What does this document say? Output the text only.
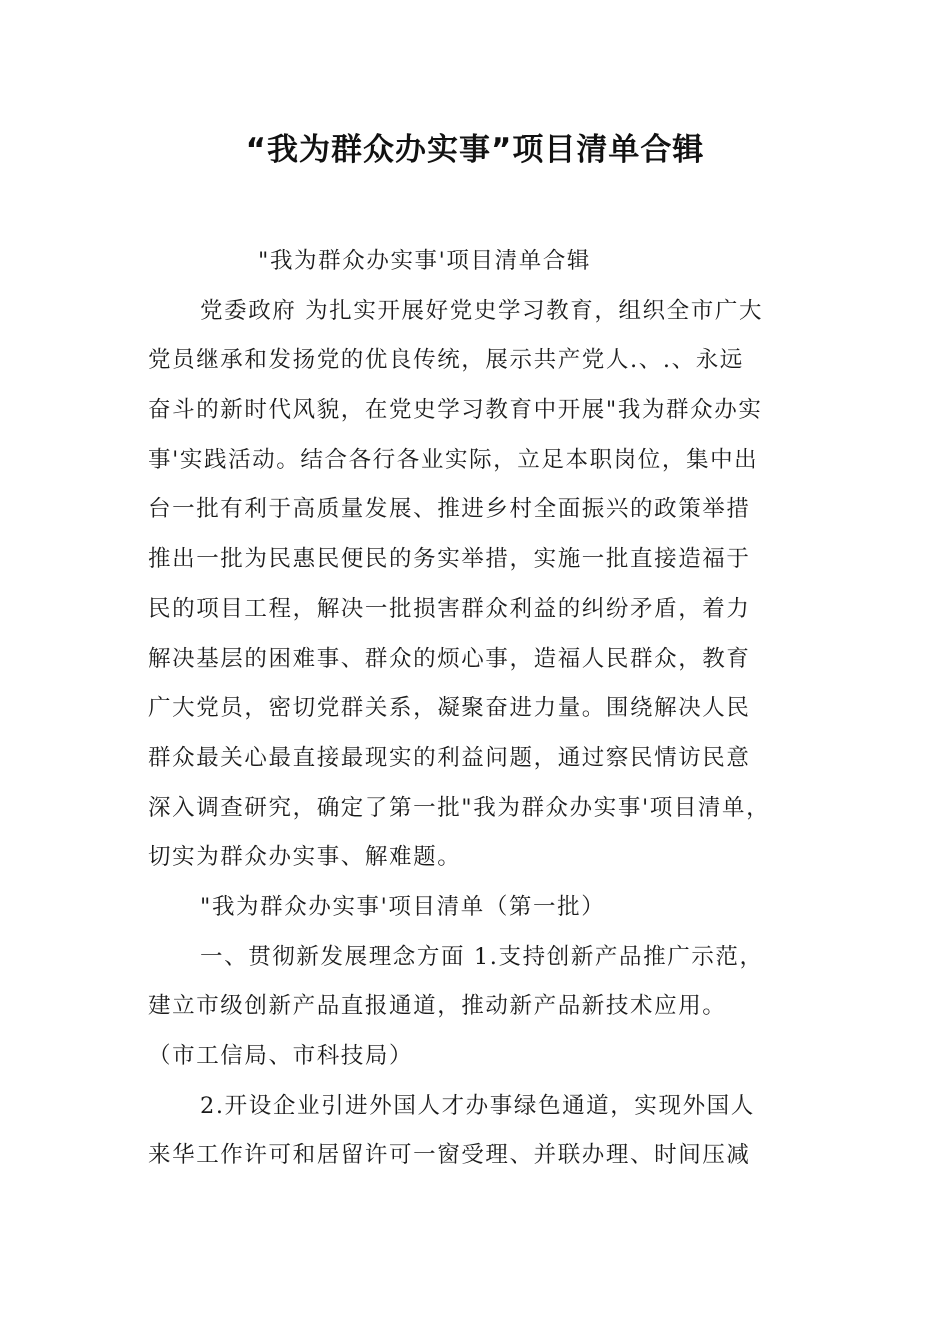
“我为群众办实事”项目清单合辑
"我为群众办实事'项目清单合辑
党委政府 为扎实开展好党史学习教育，组织全市广大
党员继承和发扬党的优良传统，展示共产党人.、.、永远
奋斗的新时代风貌，在党史学习教育中开展"我为群众办实
事'实践活动。结合各行各业实际，立足本职岗位，集中出
台一批有利于高质量发展、推进乡村全面振兴的政策举措
推出一批为民惠民便民的务实举措，实施一批直接造福于
民的项目工程，解决一批损害群众利益的纠纷矛盾，着力
解决基层的困难事、群众的烦心事，造福人民群众，教育
广大党员，密切党群关系，凝聚奋进力量。围绕解决人民
群众最关心最直接最现实的利益问题，通过察民情访民意
深入调查研究，确定了第一批"我为群众办实事'项目清单，
切实为群众办实事、解难题。
"我为群众办实事'项目清单（第一批）
一、贯彻新发展理念方面 1.支持创新产品推广示范，
建立市级创新产品直报通道，推动新产品新技术应用。
（市工信局、市科技局）
2.开设企业引进外国人才办事绿色通道，实现外国人
来华工作许可和居留许可一窗受理、并联办理、时间压减
